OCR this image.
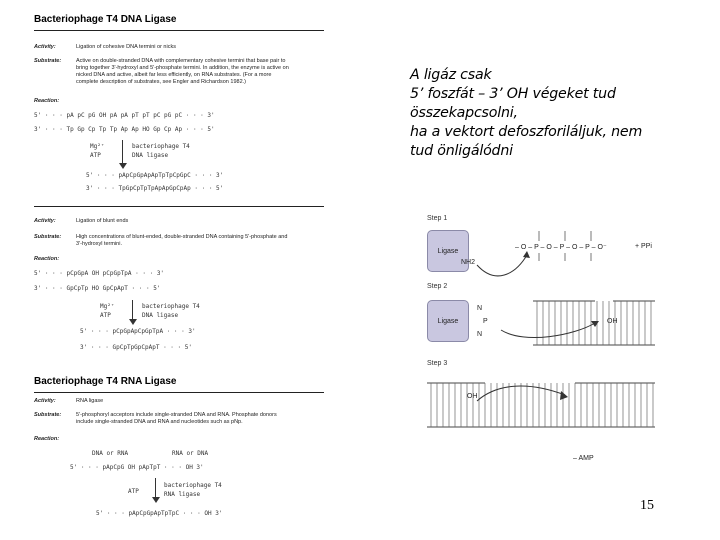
Bacteriophage T4 DNA Ligase
Activity:	Ligation of cohesive DNA termini or nicks
Substrate:	Active on double-stranded DNA with complementary cohesive termini that base pair to
bring together 3'-hydroxyl and 5'-phosphate termini. In addition, the enzyme is active on
nicked DNA and active, albeit far less efficiently, on RNA substrates. (For a more
complete description of substrates, see Engler and Richardson 1982.)
Reaction:
5' · · · pA pC pG OH pA pA pT pT pC pG pC · · · 3'
3' · · · Tp Gp Cp Tp Tp Ap Ap HO Gp Cp Ap · · · 5'
Mg²⁺
ATP
bacteriophage T4
DNA ligase
5' · · · pApCpGpApApTpTpCpGpC · · · 3'
3' · · · TpGpCpTpTpApApGpCpAp · · · 5'
Activity:	Ligation of blunt ends
Substrate:	High concentrations of blunt-ended, double-stranded DNA containing 5'-phosphate and
3'-hydroxyl termini.
Reaction:
5' · · · pCpGpA OH pCpGpTpA · · · 3'
3' · · · GpCpTp HO GpCpApT · · · 5'
Mg²⁺
ATP
bacteriophage T4
DNA ligase
5' · · · pCpGpApCpGpTpA · · · 3'
3' · · · GpCpTpGpCpApT · · · 5'
Bacteriophage T4 RNA Ligase
Activity:	RNA ligase
Substrate:	5'-phosphoryl acceptors include single-stranded DNA and RNA. Phosphate donors
include single-stranded DNA and RNA and nucleotides such as pNp.
Reaction:
DNA or RNA	RNA or DNA
5' · · · pApCpG OH pApTpT · · · OH 3'
ATP
bacteriophage T4
RNA ligase
5' · · · pApCpGpApTpTpC · · · OH 3'
A ligáz csak
5’ foszfát – 3’ OH végeket tud
összekapcsolni,
ha a vektort defoszforiláljuk, nem
tud önligálódni
Step 1
Ligase
NH2
– O – P – O – P – O – P – O⁻	+ PPi
Step 2
Ligase
N
P
N
OH
Step 3
OH
– AMP
15
